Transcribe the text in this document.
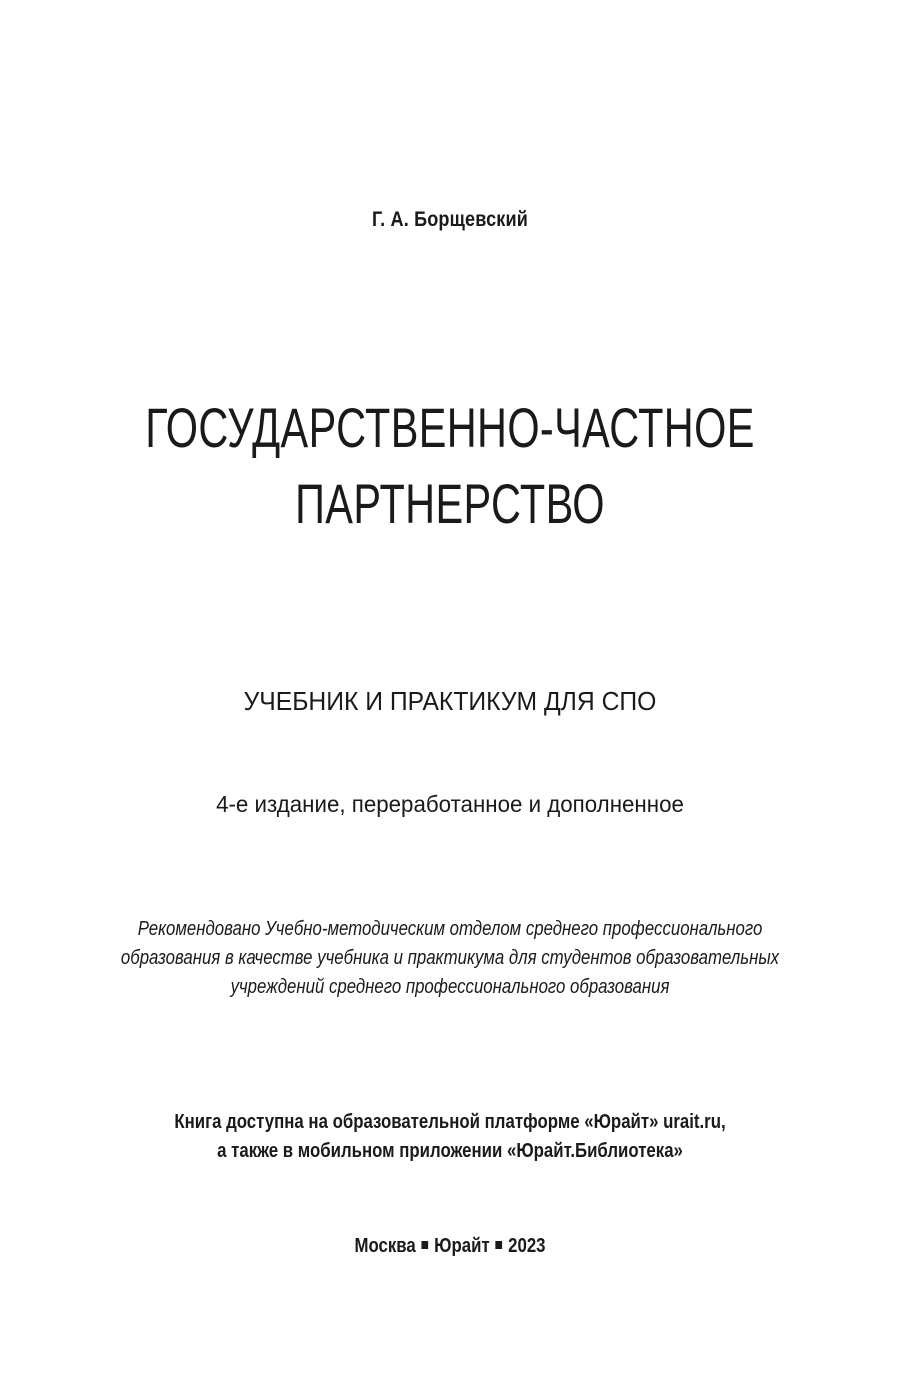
Г. А. Борщевский
ГОСУДАРСТВЕННО-ЧАСТНОЕ
ПАРТНЕРСТВО
УЧЕБНИК И ПРАКТИКУМ ДЛЯ СПО
4-е издание, переработанное и дополненное
Рекомендовано Учебно-методическим отделом среднего профессионального
образования в качестве учебника и практикума для студентов образовательных
учреждений среднего профессионального образования
Книга доступна на образовательной платформе «Юрайт» urait.ru,
а также в мобильном приложении «Юрайт.Библиотека»
Москва Юрайт 2023
